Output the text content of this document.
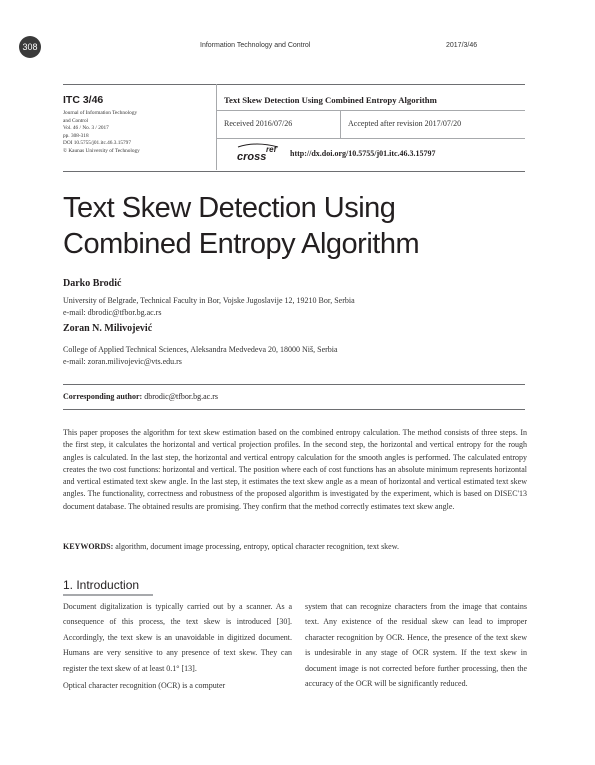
308	Information Technology and Control	2017/3/46
ITC 3/46
Journal of Information Technology
and Control
Vol. 46 / No. 3 / 2017
pp. 308-318
DOI 10.5755/j01.itc.46.3.15797
© Kaunas University of Technology
Text Skew Detection Using Combined Entropy Algorithm
Received 2016/07/26	Accepted after revision 2017/07/20
cross
ref http://dx.doi.org/10.5755/j01.itc.46.3.15797
Text Skew Detection Using
Combined Entropy Algorithm
Darko Brodić
University of Belgrade, Technical Faculty in Bor, Vojske Jugoslavije 12, 19210 Bor, Serbia
e-mail: dbrodic@tfbor.bg.ac.rs
Zoran N. Milivojević
College of Applied Technical Sciences, Aleksandra Medvedeva 20, 18000 Niš, Serbia
e-mail: zoran.milivojevic@vts.edu.rs
Corresponding author: dbrodic@tfbor.bg.ac.rs
This paper proposes the algorithm for text skew estimation based on the combined entropy calculation. The method consists of three steps. In the first step, it calculates the horizontal and vertical projection profiles. In the second step, the horizontal and vertical entropy for the rough angles is calculated. In the last step, the horizontal and vertical entropy calculation for the smooth angles is performed. The calculated entropy creates the two cost functions: horizontal and vertical. The position where each of cost functions has an absolute minimum represents horizontal and vertical estimated text skew angle. In the last step, it estimates the text skew angle as a mean of horizontal and vertical estimated text skew angles. The functionality, correctness and robustness of the proposed algorithm is investigated by the experiment, which is based on DISEC'13 document database. The obtained results are promising. They confirm that the method correctly estimates text skew angle.
KEYWORDS: algorithm, document image processing, entropy, optical character recognition, text skew.
1. Introduction

Document digitalization is typically carried out by a scanner. As a consequence of this process, the text skew is introduced [30]. Accordingly, the text skew is an unavoidable in digitized document. Humans are very sensitive to any presence of text skew. They can register the text skew of at least 0.1° [13].

Optical character recognition (OCR) is a computer

system that can recognize characters from the image that contains text. Any existence of the residual skew can lead to improper character recognition by OCR. Hence, the presence of the text skew is undesirable in any stage of OCR system. If the text skew in document image is not corrected before further processing, then the accuracy of the OCR will be significantly reduced.
